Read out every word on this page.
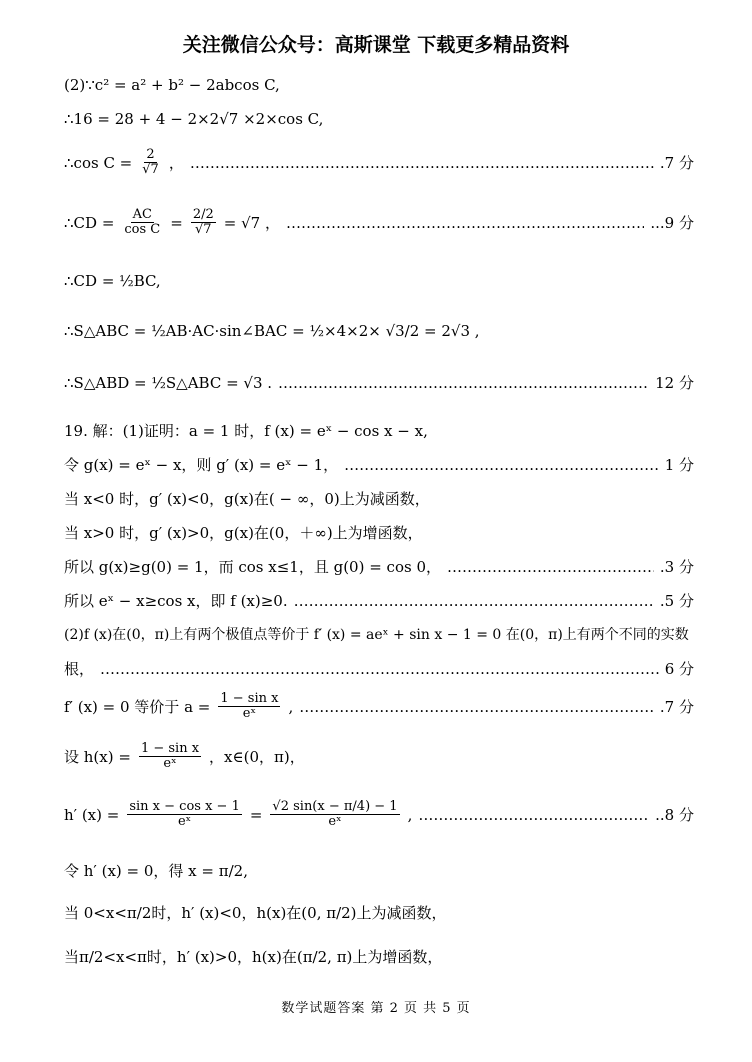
关注微信公众号：高斯课堂 下载更多精品资料
(2)∵c² = a² + b² − 2abcos C,
∴16 = 28 + 4 − 2×2√7 ×2×cos C,
∴cos $C = \frac{2}{√7}$ ， ……………………………………………………………………………………………………………………………………………………	.7 分
∴CD = $\frac{AC}{\text{cos C}} = \frac{2/2}{√7} = √7$ ， ……………………………………………………………………………………………………………………………………………………	...9 分
∴CD = ½BC,
∴S△ABC = ½AB·AC·sin∠BAC = ½×4×2× √3/2 = 2√3 ,
∴S△ABD = ½S△ABC = √3 . ……………………………………………………………………………………………………………………………………………………	12 分
19. 解：(1)证明：a = 1 时，f (x) = eˣ − cos x − x,
令 g(x) = eˣ − x，则 g′ (x) = eˣ − 1， ……………………………………………………………………………………………………………………………………………………	1 分
当 x<0 时，g′ (x)<0，g(x)在( − ∞，0)上为减函数，
当 x>0 时，g′ (x)>0，g(x)在(0，＋∞)上为增函数，
所以 g(x)≥g(0) = 1，而 cos x≤1，且 g(0) = cos 0， ……………………………………………………………………………………………………………………………………………………	.3 分
所以 eˣ − x≥cos x，即 f (x)≥0. ……………………………………………………………………………………………………………………………………………………	.5 分
(2)f (x)在(0，π)上有两个极值点等价于 f′ (x) = aeˣ + sin x − 1 = 0 在(0，π)上有两个不同的实数
根， ……………………………………………………………………………………………………………………………………………………	6 分
f′ (x) = 0 等价于 $a = \frac{\text{1 − sin x}}{\text{eˣ}}$ , ……………………………………………………………………………………………………………………………………………………	.7 分
设 $h(x) = \frac{\text{1 − sin x}}{\text{eˣ}}$ ，x∈(0，π)，
h′ $(x) = \frac{\text{sin x − cos x − 1}}{\text{eˣ}} = \frac{√2 \sin(x - \pi/4) - 1}{\text{eˣ}}$ , ……………………………………………………………………………………………………………………………………………………	..8 分
令 h′ (x) = 0，得 x = π/2,
当 0<x<π/2时，h′ (x)<0，h(x)在(0, π/2)上为减函数，
当π/2<x<π时，h′ (x)>0，h(x)在(π/2, π)上为增函数，
数学试题答案 第 2 页 共 5 页
